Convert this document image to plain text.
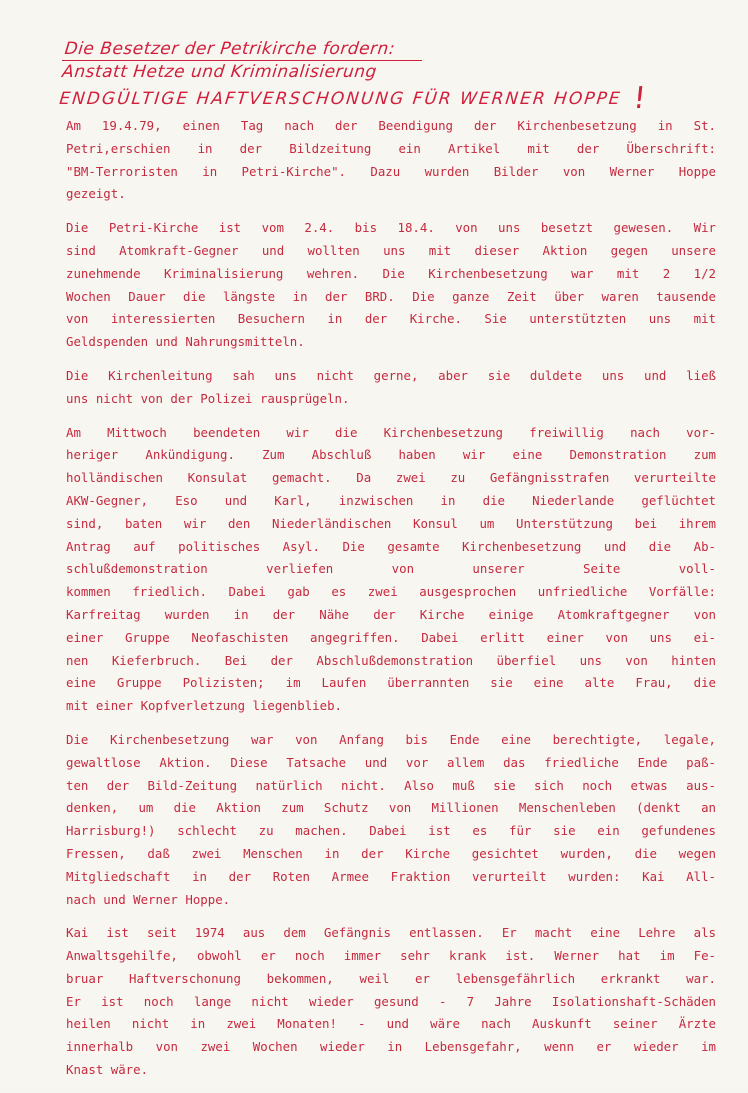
Die Besetzer der Petrikirche fordern:
Anstatt Hetze und Kriminalisierung
ENDGÜLTIGE HAFTVERSCHONUNG FÜR WERNER HOPPE !
Am 19.4.79, einen Tag nach der Beendigung der Kirchenbesetzung in St.
Petri,erschien in der Bildzeitung ein Artikel mit der Überschrift:
"BM-Terroristen in Petri-Kirche". Dazu wurden Bilder von Werner Hoppe
gezeigt.
Die Petri-Kirche ist vom 2.4. bis 18.4. von uns besetzt gewesen. Wir
sind Atomkraft-Gegner und wollten uns mit dieser Aktion gegen unsere
zunehmende Kriminalisierung wehren. Die Kirchenbesetzung war mit 2 1/2
Wochen Dauer die längste in der BRD. Die ganze Zeit über waren tausende
von interessierten Besuchern in der Kirche. Sie unterstützten uns mit
Geldspenden und Nahrungsmitteln.
Die Kirchenleitung sah uns nicht gerne, aber sie duldete uns und ließ
uns nicht von der Polizei rausprügeln.
Am Mittwoch beendeten wir die Kirchenbesetzung freiwillig nach vor-
heriger Ankündigung. Zum Abschluß haben wir eine Demonstration zum
holländischen Konsulat gemacht. Da zwei zu Gefängnisstrafen verurteilte
AKW-Gegner, Eso und Karl, inzwischen in die Niederlande geflüchtet
sind, baten wir den Niederländischen Konsul um Unterstützung bei ihrem
Antrag auf politisches Asyl. Die gesamte Kirchenbesetzung und die Ab-
schlußdemonstration verliefen von unserer Seite voll-
kommen friedlich. Dabei gab es zwei ausgesprochen unfriedliche Vorfälle:
Karfreitag wurden in der Nähe der Kirche einige Atomkraftgegner von
einer Gruppe Neofaschisten angegriffen. Dabei erlitt einer von uns ei-
nen Kieferbruch. Bei der Abschlußdemonstration überfiel uns von hinten
eine Gruppe Polizisten; im Laufen überrannten sie eine alte Frau, die
mit einer Kopfverletzung liegenblieb.
Die Kirchenbesetzung war von Anfang bis Ende eine berechtigte, legale,
gewaltlose Aktion. Diese Tatsache und vor allem das friedliche Ende paß-
ten der Bild-Zeitung natürlich nicht. Also muß sie sich noch etwas aus-
denken, um die Aktion zum Schutz von Millionen Menschenleben (denkt an
Harrisburg!) schlecht zu machen. Dabei ist es für sie ein gefundenes
Fressen, daß zwei Menschen in der Kirche gesichtet wurden, die wegen
Mitgliedschaft in der Roten Armee Fraktion verurteilt wurden: Kai All-
nach und Werner Hoppe.
Kai ist seit 1974 aus dem Gefängnis entlassen. Er macht eine Lehre als
Anwaltsgehilfe, obwohl er noch immer sehr krank ist. Werner hat im Fe-
bruar Haftverschonung bekommen, weil er lebensgefährlich erkrankt war.
Er ist noch lange nicht wieder gesund - 7 Jahre Isolationshaft-Schäden
heilen nicht in zwei Monaten! - und wäre nach Auskunft seiner Ärzte
innerhalb von zwei Wochen wieder in Lebensgefahr, wenn er wieder im
Knast wäre.
